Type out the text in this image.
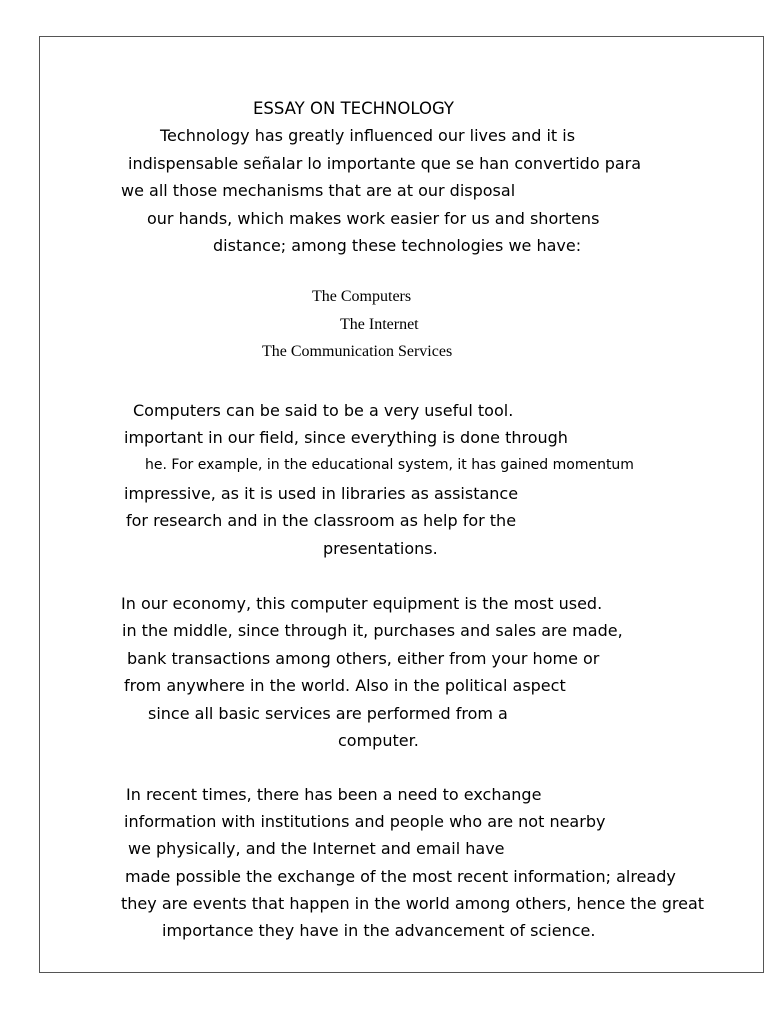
ESSAY ON TECHNOLOGY
Technology has greatly influenced our lives and it is
indispensable señalar lo importante que se han convertido para
we all those mechanisms that are at our disposal
our hands, which makes work easier for us and shortens
distance; among these technologies we have:
The Computers
The Internet
The Communication Services
Computers can be said to be a very useful tool.
important in our field, since everything is done through
he. For example, in the educational system, it has gained momentum
impressive, as it is used in libraries as assistance
for research and in the classroom as help for the
presentations.
In our economy, this computer equipment is the most used.
in the middle, since through it, purchases and sales are made,
bank transactions among others, either from your home or
from anywhere in the world. Also in the political aspect
since all basic services are performed from a
computer.
In recent times, there has been a need to exchange
information with institutions and people who are not nearby
we physically, and the Internet and email have
made possible the exchange of the most recent information; already
they are events that happen in the world among others, hence the great
importance they have in the advancement of science.
